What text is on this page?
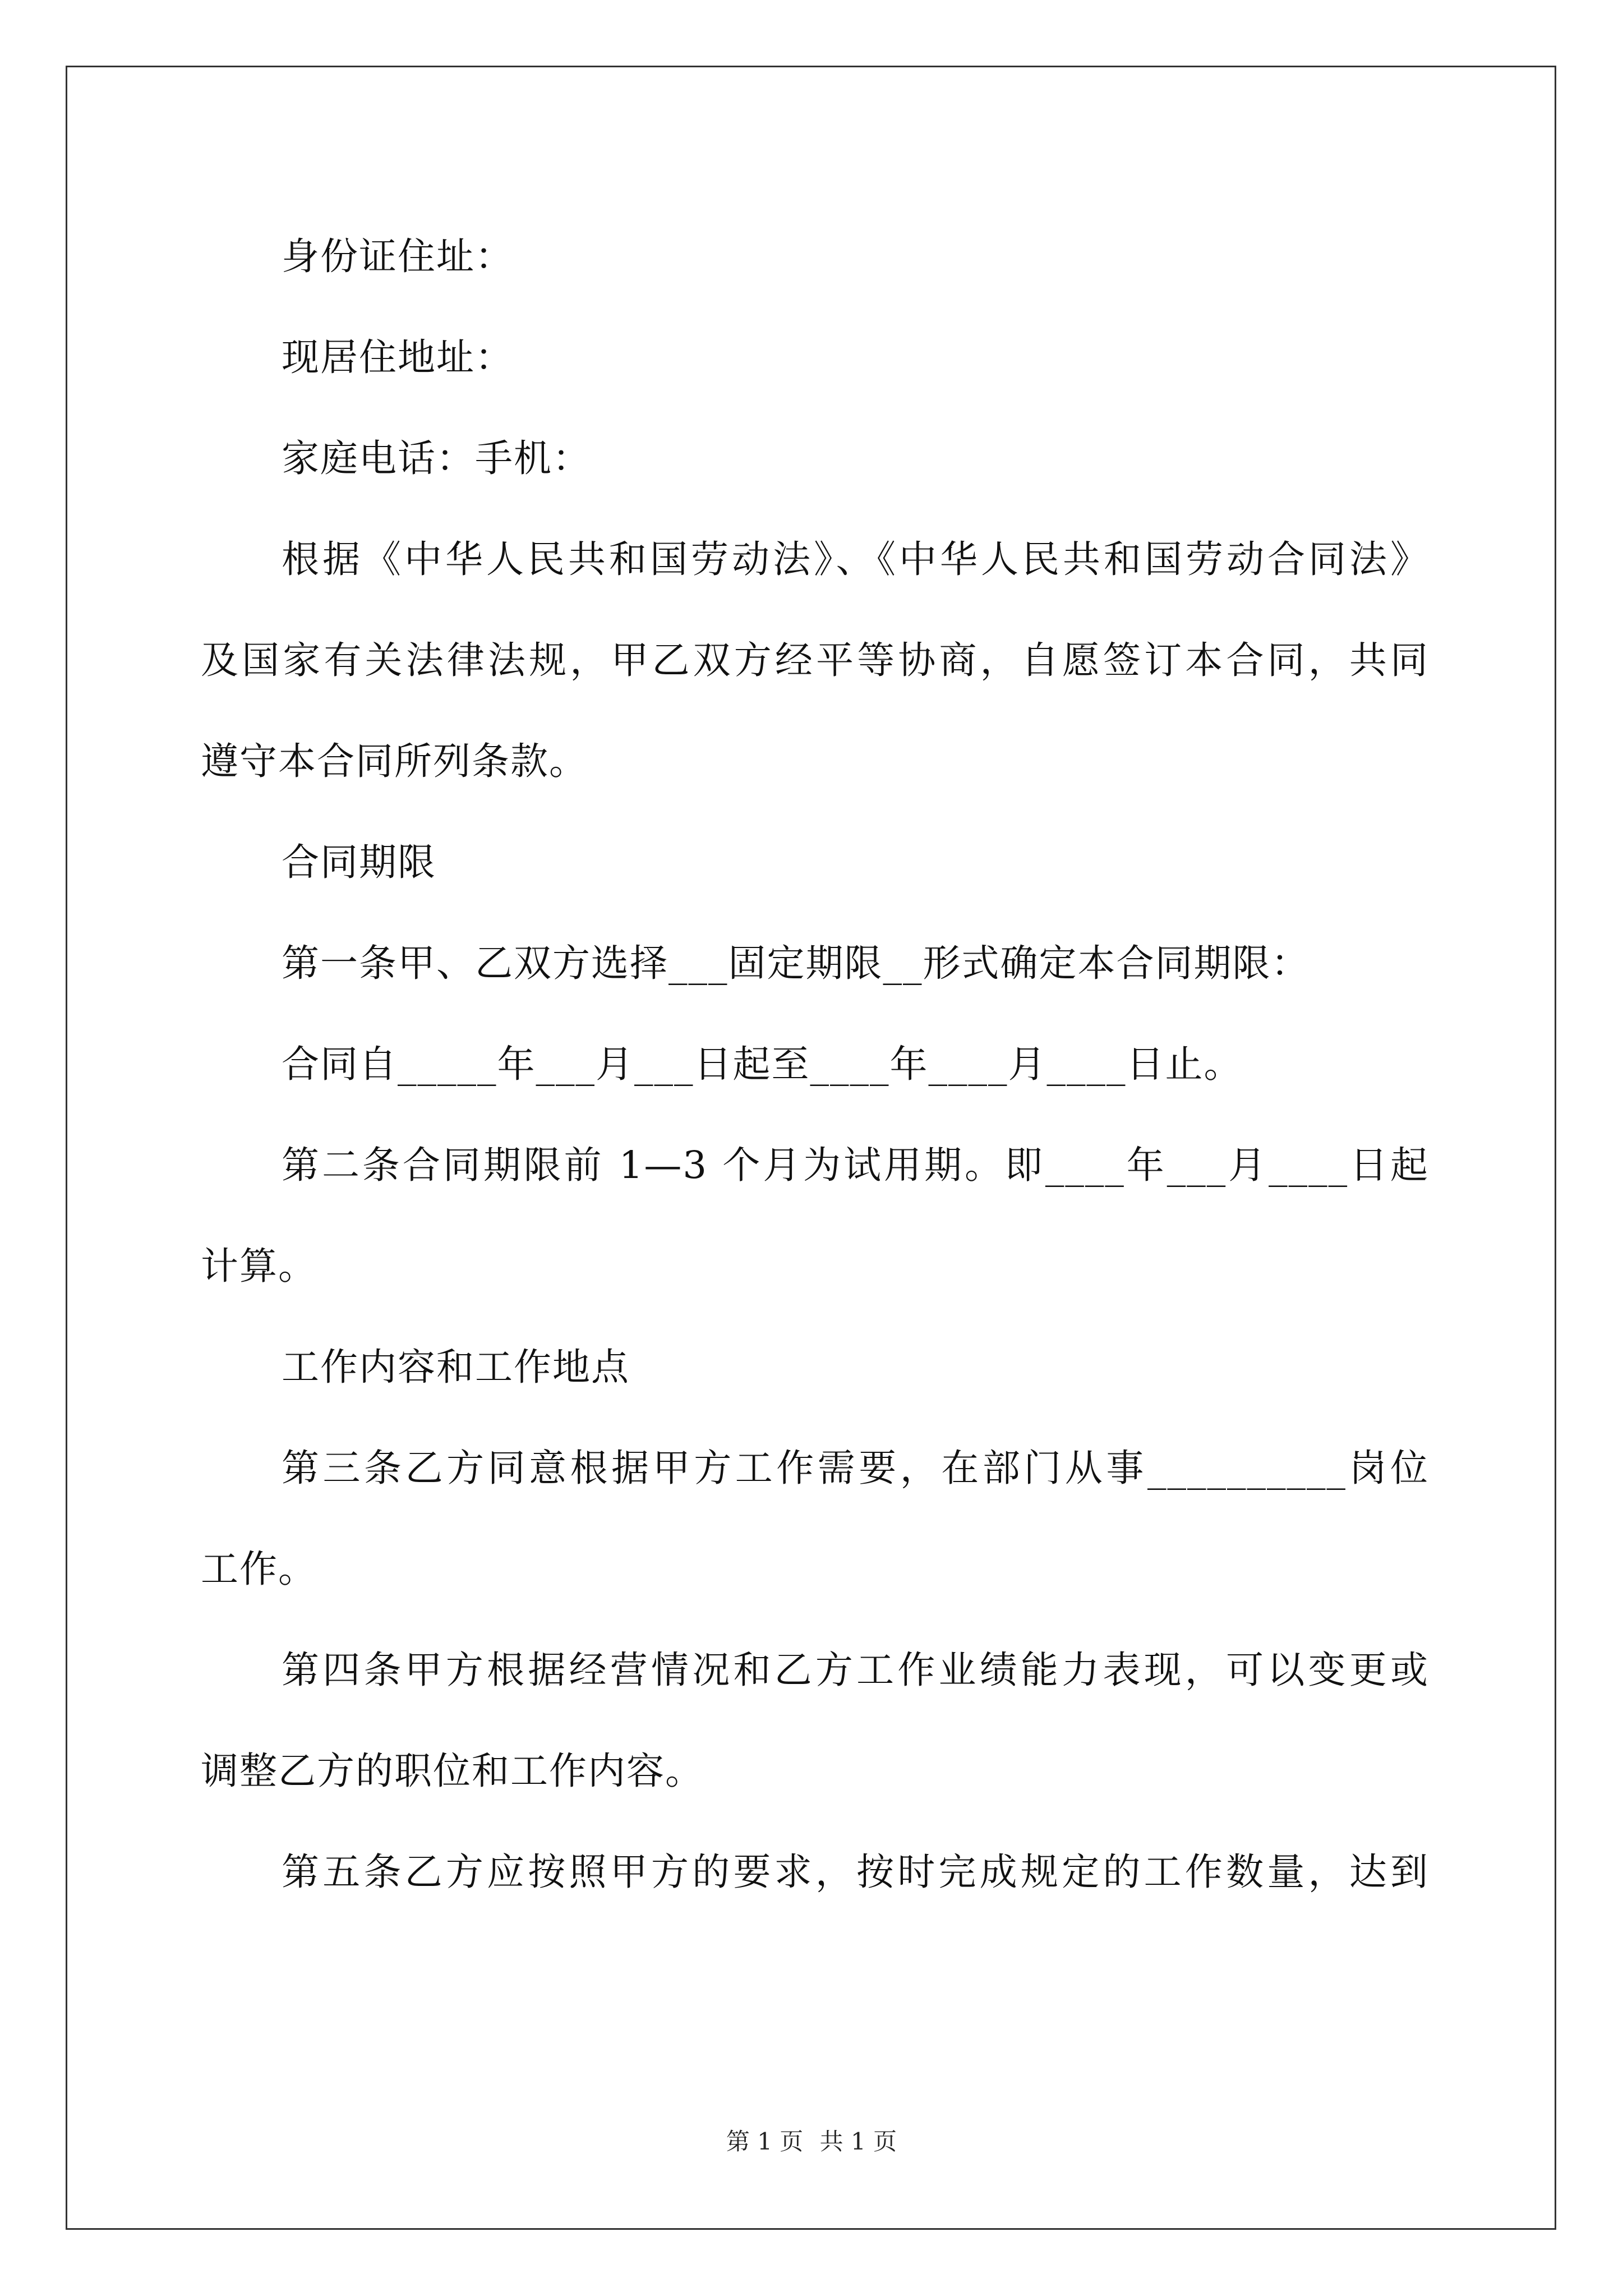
身份证住址：
现居住地址：
家庭电话：手机：
根据《中华人民共和国劳动法》、《中华人民共和国劳动合同法》
及国家有关法律法规，甲乙双方经平等协商，自愿签订本合同，共同
遵守本合同所列条款。
合同期限
第一条甲、乙双方选择___固定期限__形式确定本合同期限：
合同自_____年___月___日起至____年____月____日止。
第二条合同期限前 1—3 个月为试用期。即____年___月____日起
计算。
工作内容和工作地点
第三条乙方同意根据甲方工作需要，在部门从事__________岗位
工作。
第四条甲方根据经营情况和乙方工作业绩能力表现，可以变更或
调整乙方的职位和工作内容。
第五条乙方应按照甲方的要求，按时完成规定的工作数量，达到
第 1 页 共 1 页
